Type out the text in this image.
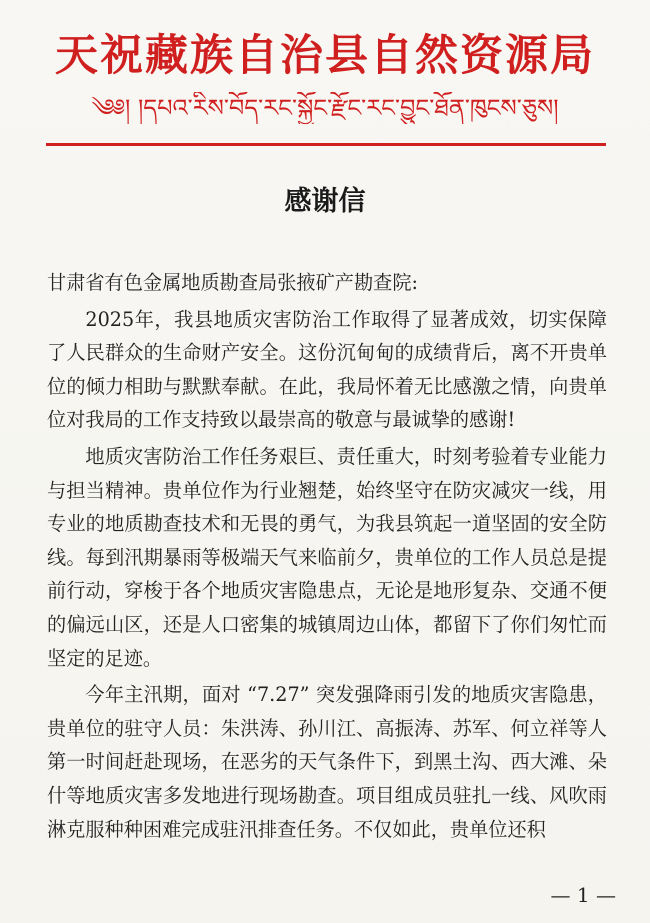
天祝藏族自治县自然资源局
༄༅། །དཔའ་རིས་བོད་རང་སྐྱོང་རྫོང་རང་བྱུང་ཐོན་ཁུངས་ཅུས།
感谢信

甘肃省有色金属地质勘查局张掖矿产勘查院:

2025年，我县地质灾害防治工作取得了显著成效，切实保障了人民群众的生命财产安全。这份沉甸甸的成绩背后，离不开贵单位的倾力相助与默默奉献。在此，我局怀着无比感激之情，向贵单位对我局的工作支持致以最崇高的敬意与最诚挚的感谢!

地质灾害防治工作任务艰巨、责任重大，时刻考验着专业能力与担当精神。贵单位作为行业翘楚，始终坚守在防灾减灾一线，用专业的地质勘查技术和无畏的勇气，为我县筑起一道坚固的安全防线。每到汛期暴雨等极端天气来临前夕，贵单位的工作人员总是提前行动，穿梭于各个地质灾害隐患点，无论是地形复杂、交通不便的偏远山区，还是人口密集的城镇周边山体，都留下了你们匆忙而坚定的足迹。

今年主汛期，面对 “7.27” 突发强降雨引发的地质灾害隐患，贵单位的驻守人员：朱洪涛、孙川江、高振涛、苏军、何立祥等人第一时间赶赴现场，在恶劣的天气条件下，到黑土沟、西大滩、朵什等地质灾害多发地进行现场勘查。项目组成员驻扎一线、风吹雨淋克服种种困难完成驻汛排查任务。不仅如此，贵单位还积

— 1 —
